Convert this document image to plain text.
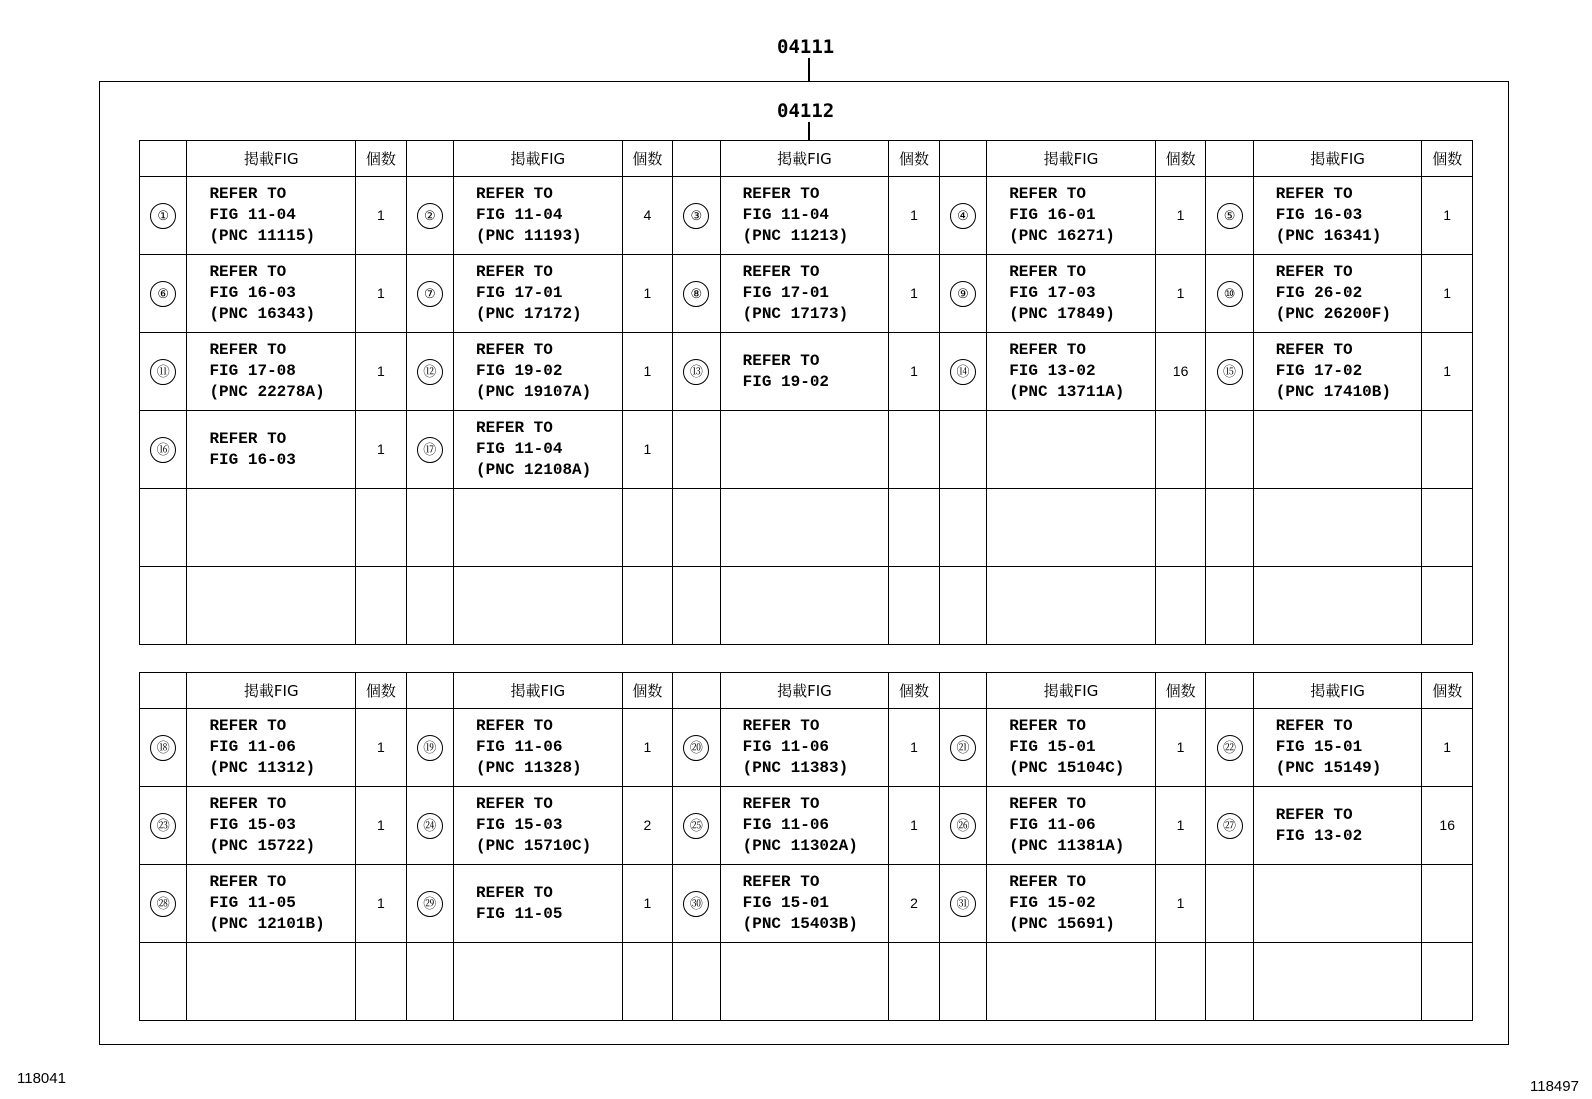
04111
04112
	掲載FIG	個数		掲載FIG	個数		掲載FIG	個数		掲載FIG	個数		掲載FIG	個数
①	REFER TO
FIG 11-04
(PNC 11115)	1	②	REFER TO
FIG 11-04
(PNC 11193)	4	③	REFER TO
FIG 11-04
(PNC 11213)	1	④	REFER TO
FIG 16-01
(PNC 16271)	1	⑤	REFER TO
FIG 16-03
(PNC 16341)	1
⑥	REFER TO
FIG 16-03
(PNC 16343)	1	⑦	REFER TO
FIG 17-01
(PNC 17172)	1	⑧	REFER TO
FIG 17-01
(PNC 17173)	1	⑨	REFER TO
FIG 17-03
(PNC 17849)	1	⑩	REFER TO
FIG 26-02
(PNC 26200F)	1
⑪	REFER TO
FIG 17-08
(PNC 22278A)	1	⑫	REFER TO
FIG 19-02
(PNC 19107A)	1	⑬	REFER TO
FIG 19-02	1	⑭	REFER TO
FIG 13-02
(PNC 13711A)	16	⑮	REFER TO
FIG 17-02
(PNC 17410B)	1
⑯	REFER TO
FIG 16-03	1	⑰	REFER TO
FIG 11-04
(PNC 12108A)	1									

	掲載FIG	個数		掲載FIG	個数		掲載FIG	個数		掲載FIG	個数		掲載FIG	個数
⑱	REFER TO
FIG 11-06
(PNC 11312)	1	⑲	REFER TO
FIG 11-06
(PNC 11328)	1	⑳	REFER TO
FIG 11-06
(PNC 11383)	1	㉑	REFER TO
FIG 15-01
(PNC 15104C)	1	㉒	REFER TO
FIG 15-01
(PNC 15149)	1
㉓	REFER TO
FIG 15-03
(PNC 15722)	1	㉔	REFER TO
FIG 15-03
(PNC 15710C)	2	㉕	REFER TO
FIG 11-06
(PNC 11302A)	1	㉖	REFER TO
FIG 11-06
(PNC 11381A)	1	㉗	REFER TO
FIG 13-02	16
㉘	REFER TO
FIG 11-05
(PNC 12101B)	1	㉙	REFER TO
FIG 11-05	1	㉚	REFER TO
FIG 15-01
(PNC 15403B)	2	㉛	REFER TO
FIG 15-02
(PNC 15691)	1			

118041	118497
